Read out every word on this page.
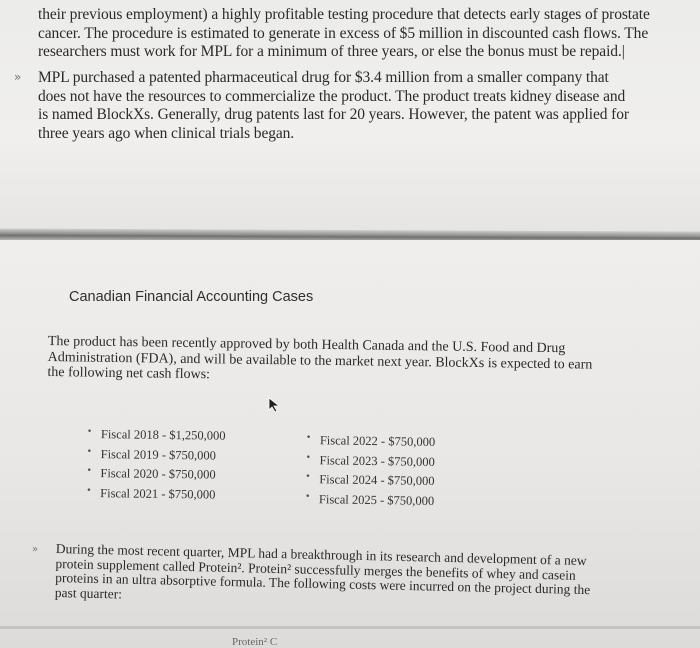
their previous employment) a highly profitable testing procedure that detects early stages of prostate cancer. The procedure is estimated to generate in excess of $5 million in discounted cash flows. The researchers must work for MPL for a minimum of three years, or else the bonus must be repaid.|

» MPL purchased a patented pharmaceutical drug for $3.4 million from a smaller company that does not have the resources to commercialize the product. The product treats kidney disease and is named BlockXs. Generally, drug patents last for 20 years. However, the patent was applied for three years ago when clinical trials began.

Canadian Financial Accounting Cases

The product has been recently approved by both Health Canada and the U.S. Food and Drug Administration (FDA), and will be available to the market next year. BlockXs is expected to earn the following net cash flows:

• Fiscal 2018 - $1,250,000
• Fiscal 2019 - $750,000
• Fiscal 2020 - $750,000
• Fiscal 2021 - $750,000
• Fiscal 2022 - $750,000
• Fiscal 2023 - $750,000
• Fiscal 2024 - $750,000
• Fiscal 2025 - $750,000
» During the most recent quarter, MPL had a breakthrough in its research and development of a new protein supplement called Protein². Protein² successfully merges the benefits of whey and casein proteins in an ultra absorptive formula. The following costs were incurred on the project during the past quarter:

Protein² C
